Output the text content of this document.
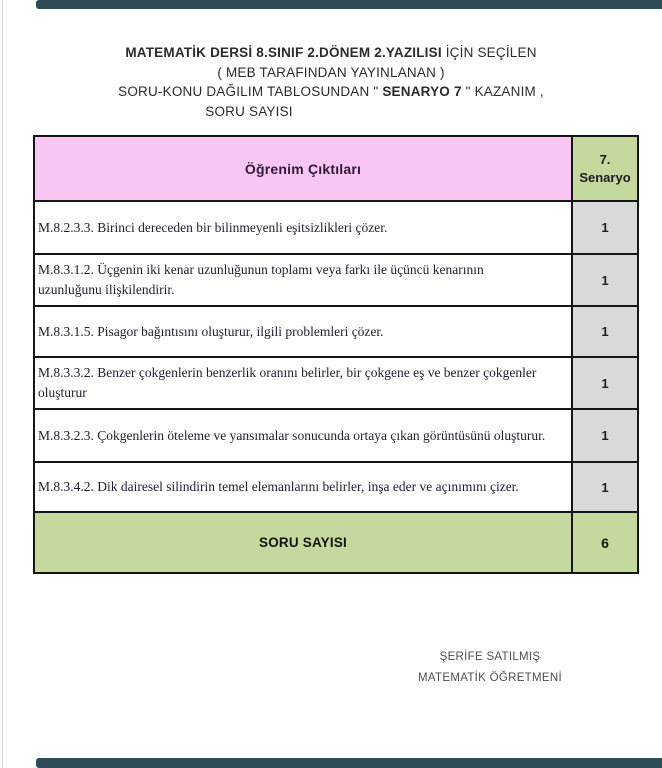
MATEMATİK DERSİ 8.SINIF 2.DÖNEM 2.YAZILISI İÇİN SEÇİLEN
( MEB TARAFINDAN YAYINLANAN )
SORU-KONU DAĞILIM TABLOSUNDAN " SENARYO 7 " KAZANIM ,
SORU SAYISI
Öğrenim Çıktıları	7.
Senaryo

M.8.2.3.3. Birinci dereceden bir bilinmeyenli eşitsizlikleri çözer.	1
M.8.3.1.2. Üçgenin iki kenar uzunluğunun toplamı veya farkı ile üçüncü kenarının uzunluğunu ilişkilendirir.	1
M.8.3.1.5. Pisagor bağıntısını oluşturur, ilgili problemleri çözer.	1
M.8.3.3.2. Benzer çokgenlerin benzerlik oranını belirler, bir çokgene eş ve benzer çokgenler oluşturur	1
M.8.3.2.3. Çokgenlerin öteleme ve yansımalar sonucunda ortaya çıkan görüntüsünü oluşturur.	1
M.8.3.4.2. Dik dairesel silindirin temel elemanlarını belirler, inşa eder ve açınımını çizer.	1
SORU SAYISI	6
ŞERİFE SATILMIŞ
MATEMATİK ÖĞRETMENİ
